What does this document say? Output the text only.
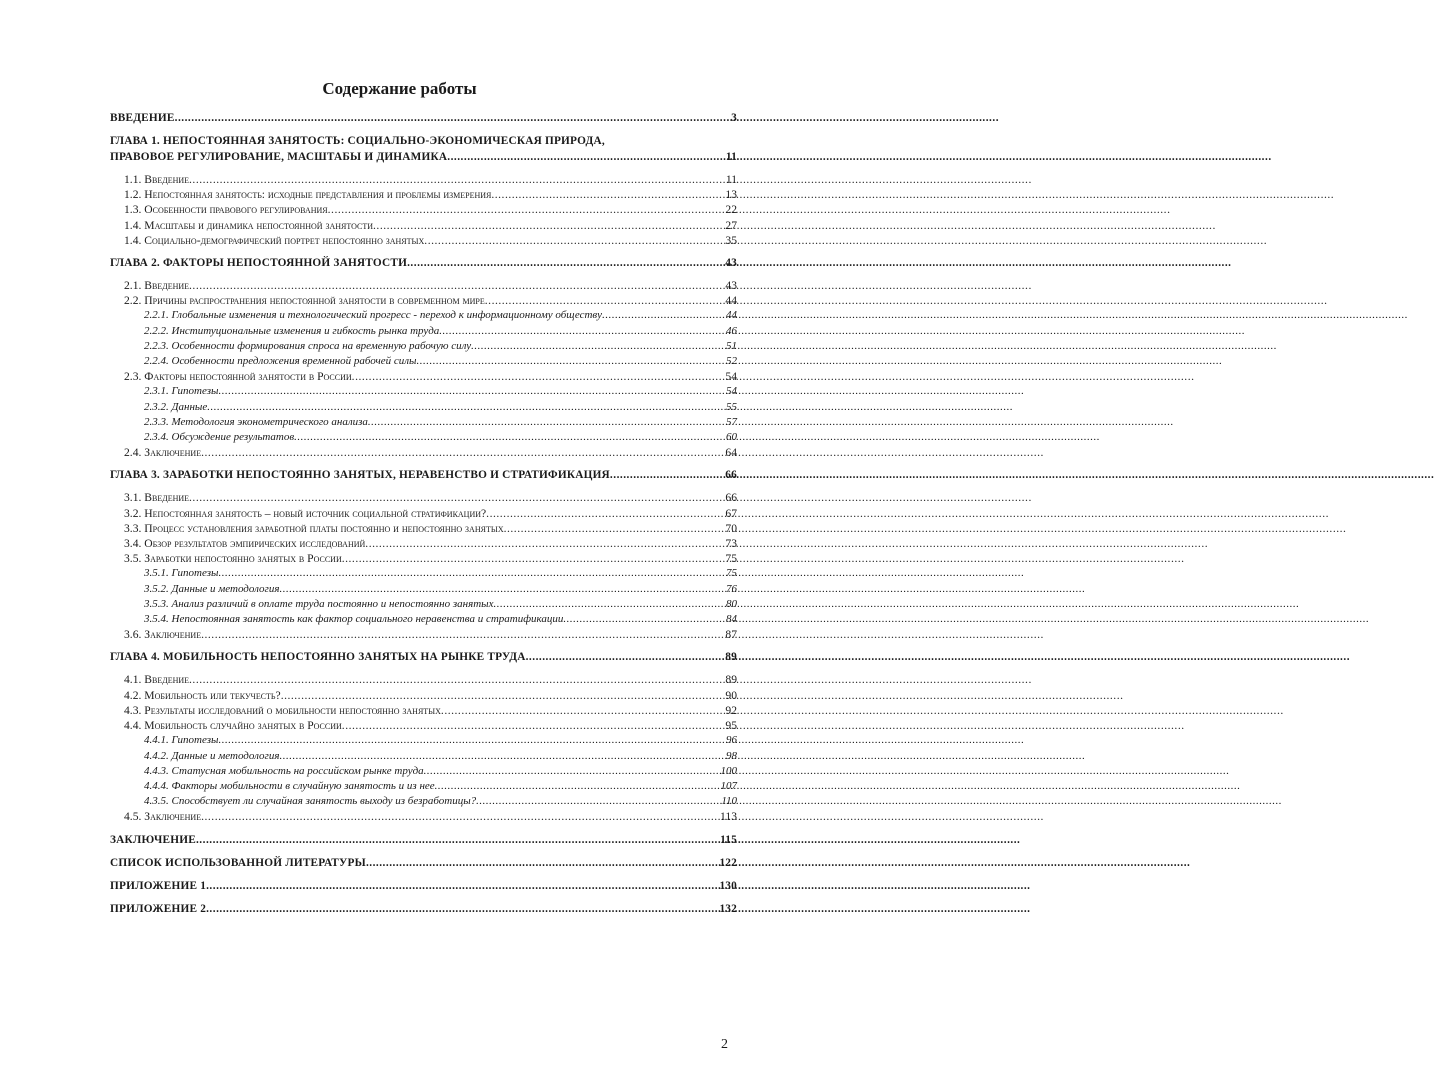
Содержание работы
ВВЕДЕНИЕ .....	3
ГЛАВА 1. НЕПОСТОЯННАЯ ЗАНЯТОСТЬ: СОЦИАЛЬНО-ЭКОНОМИЧЕСКАЯ ПРИРОДА,
ПРАВОВОЕ РЕГУЛИРОВАНИЕ, МАСШТАБЫ И ДИНАМИКА .....	11
1.1. Введение .....	11
1.2. Непостоянная занятость: исходные представления и проблемы измерения .....	13
1.3. Особенности правового регулирования .....	22
1.4. Масштабы и динамика непостоянной занятости .....	27
1.4. Социально-демографический портрет непостоянно занятых .....	35
ГЛАВА 2. ФАКТОРЫ НЕПОСТОЯННОЙ ЗАНЯТОСТИ .....	43
2.1. Введение .....	43
2.2. Причины распространения непостоянной занятости в современном мире .....	44
2.2.1. Глобальные изменения и технологический прогресс - переход к информационному обществу .....	44
2.2.2. Институциональные изменения и гибкость рынка труда .....	46
2.2.3. Особенности формирования спроса на временную рабочую силу .....	51
2.2.4. Особенности предложения временной рабочей силы .....	52
2.3. Факторы непостоянной занятости в России .....	54
2.3.1. Гипотезы .....	54
2.3.2. Данные .....	55
2.3.3. Методология эконометрического анализа .....	57
2.3.4. Обсуждение результатов .....	60
2.4. Заключение .....	64
ГЛАВА 3. ЗАРАБОТКИ НЕПОСТОЯННО ЗАНЯТЫХ, НЕРАВЕНСТВО И СТРАТИФИКАЦИЯ .....	66
3.1. Введение .....	66
3.2. Непостоянная занятость – новый источник социальной стратификации? .....	67
3.3. Процесс установления заработной платы постоянно и непостоянно занятых .....	70
3.4. Обзор результатов эмпирических исследований .....	73
3.5. Заработки непостоянно занятых в России .....	75
3.5.1. Гипотезы .....	75
3.5.2. Данные и методология .....	76
3.5.3. Анализ различий в оплате труда постоянно и непостоянно занятых .....	80
3.5.4. Непостоянная занятость как фактор социального неравенства и стратификации .....	84
3.6. Заключение .....	87
ГЛАВА 4. МОБИЛЬНОСТЬ НЕПОСТОЯННО ЗАНЯТЫХ НА РЫНКЕ ТРУДА .....	89
4.1. Введение .....	89
4.2. Мобильность или текучесть? .....	90
4.3. Результаты исследований о мобильности непостоянно занятых .....	92
4.4. Мобильность случайно занятых в России .....	95
4.4.1. Гипотезы .....	96
4.4.2. Данные и методология .....	98
4.4.3. Статусная мобильность на российском рынке труда .....	100
4.4.4. Факторы мобильности в случайную занятость и из нее .....	107
4.3.5. Способствует ли случайная занятость выходу из безработицы? .....	110
4.5. Заключение .....	113
ЗАКЛЮЧЕНИЕ .....	115
СПИСОК ИСПОЛЬЗОВАННОЙ ЛИТЕРАТУРЫ .....	122
ПРИЛОЖЕНИЕ 1 .....	130
ПРИЛОЖЕНИЕ 2 .....	132
2
